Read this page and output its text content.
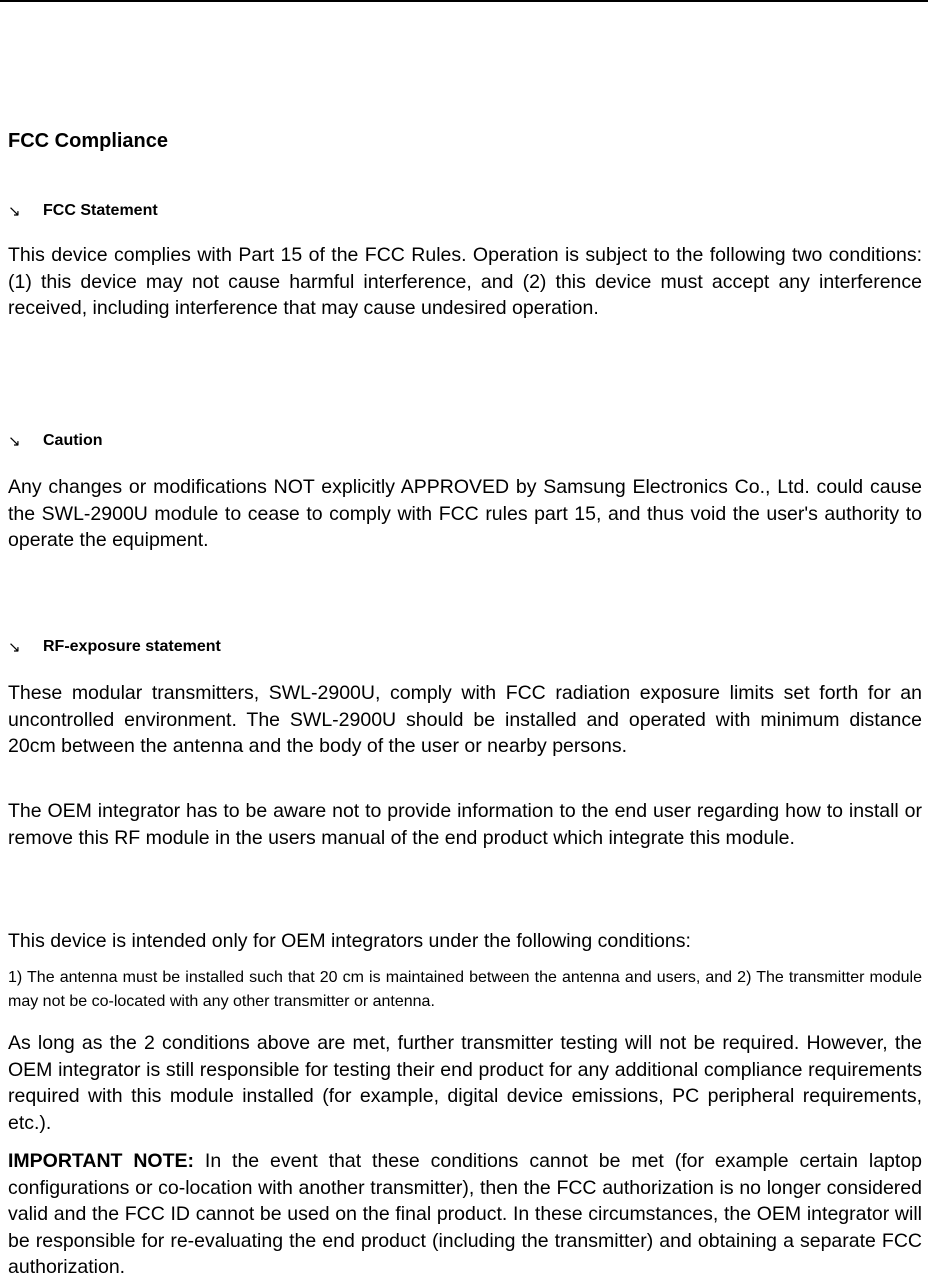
FCC Compliance
↘	FCC Statement

This device complies with Part 15 of the FCC Rules. Operation is subject to the following two conditions: (1) this device may not cause harmful interference, and (2) this device must accept any interference received, including interference that may cause undesired operation.

↘	Caution

Any changes or modifications NOT explicitly APPROVED by Samsung Electronics Co., Ltd. could cause the SWL-2900U module to cease to comply with FCC rules part 15, and thus void the user's authority to operate the equipment.

↘	RF-exposure statement

These modular transmitters, SWL-2900U, comply with FCC radiation exposure limits set forth for an uncontrolled environment. The SWL-2900U should be installed and operated with minimum distance 20cm between the antenna and the body of the user or nearby persons.

The OEM integrator has to be aware not to provide information to the end user regarding how to install or remove this RF module in the users manual of the end product which integrate this module.

This device is intended only for OEM integrators under the following conditions:

1) The antenna must be installed such that 20 cm is maintained between the antenna and users, and 2) The transmitter module may not be co-located with any other transmitter or antenna.

As long as the 2 conditions above are met, further transmitter testing will not be required. However, the OEM integrator is still responsible for testing their end product for any additional compliance requirements required with this module installed (for example, digital device emissions, PC peripheral requirements, etc.).

IMPORTANT NOTE: In the event that these conditions cannot be met (for example certain laptop configurations or co-location with another transmitter), then the FCC authorization is no longer considered valid and the FCC ID cannot be used on the final product. In these circumstances, the OEM integrator will be responsible for re-evaluating the end product (including the transmitter) and obtaining a separate FCC authorization.
